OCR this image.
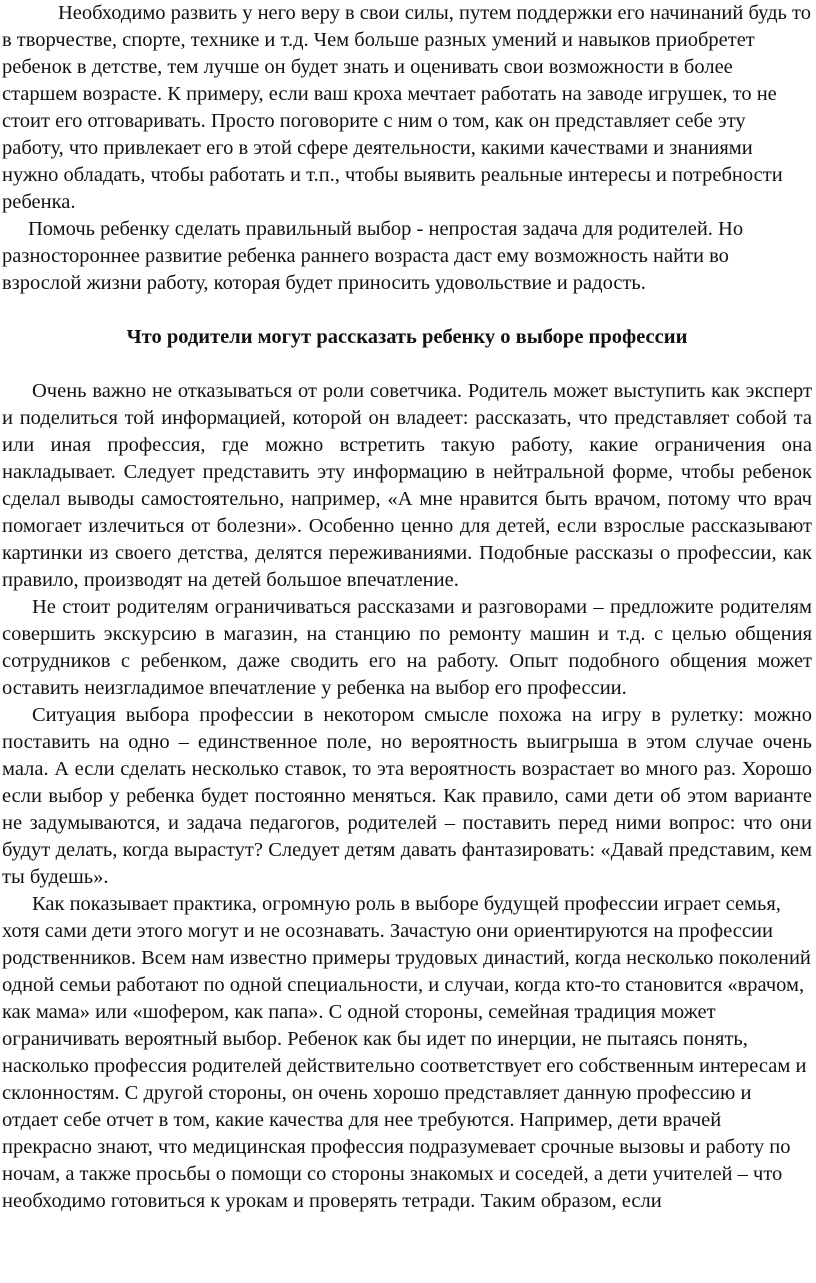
Необходимо развить у него веру в свои силы, путем поддержки его начинаний будь то в творчестве, спорте, технике и т.д. Чем больше разных умений и навыков приобретет ребенок в детстве, тем лучше он будет знать и оценивать свои возможности в более старшем возрасте. К примеру, если ваш кроха мечтает работать на заводе игрушек, то не стоит его отговаривать. Просто поговорите с ним о том, как он представляет себе эту работу, что привлекает его в этой сфере деятельности, какими качествами и знаниями нужно обладать, чтобы работать и т.п., чтобы выявить реальные интересы и потребности ребенка.

Помочь ребенку сделать правильный выбор - непростая задача для родителей. Но разностороннее развитие ребенка раннего возраста даст ему возможность найти во взрослой жизни работу, которая будет приносить удовольствие и радость.

Что родители могут рассказать ребенку о выборе профессии

Очень важно не отказываться от роли советчика. Родитель может выступить как эксперт и поделиться той информацией, которой он владеет: рассказать, что представляет собой та или иная профессия, где можно встретить такую работу, какие ограничения она накладывает. Следует представить эту информацию в нейтральной форме, чтобы ребенок сделал выводы самостоятельно, например, «А мне нравится быть врачом, потому что врач помогает излечиться от болезни». Особенно ценно для детей, если взрослые рассказывают картинки из своего детства, делятся переживаниями. Подобные рассказы о профессии, как правило, производят на детей большое впечатление.

Не стоит родителям ограничиваться рассказами и разговорами – предложите родителям совершить экскурсию в магазин, на станцию по ремонту машин и т.д. с целью общения сотрудников с ребенком, даже сводить его на работу. Опыт подобного общения может оставить неизгладимое впечатление у ребенка на выбор его профессии.

Ситуация выбора профессии в некотором смысле похожа на игру в рулетку: можно поставить на одно – единственное поле, но вероятность выигрыша в этом случае очень мала. А если сделать несколько ставок, то эта вероятность возрастает во много раз. Хорошо если выбор у ребенка будет постоянно меняться. Как правило, сами дети об этом варианте не задумываются, и задача педагогов, родителей – поставить перед ними вопрос: что они будут делать, когда вырастут? Следует детям давать фантазировать: «Давай представим, кем ты будешь».

Как показывает практика, огромную роль в выборе будущей профессии играет семья, хотя сами дети этого могут и не осознавать. Зачастую они ориентируются на профессии родственников. Всем нам известно примеры трудовых династий, когда несколько поколений одной семьи работают по одной специальности, и случаи, когда кто-то становится «врачом, как мама» или «шофером, как папа». С одной стороны, семейная традиция может ограничивать вероятный выбор. Ребенок как бы идет по инерции, не пытаясь понять, насколько профессия родителей действительно соответствует его собственным интересам и склонностям. С другой стороны, он очень хорошо представляет данную профессию и отдает себе отчет в том, какие качества для нее требуются. Например, дети врачей прекрасно знают, что медицинская профессия подразумевает срочные вызовы и работу по ночам, а также просьбы о помощи со стороны знакомых и соседей, а дети учителей – что необходимо готовиться к урокам и проверять тетради. Таким образом, если
